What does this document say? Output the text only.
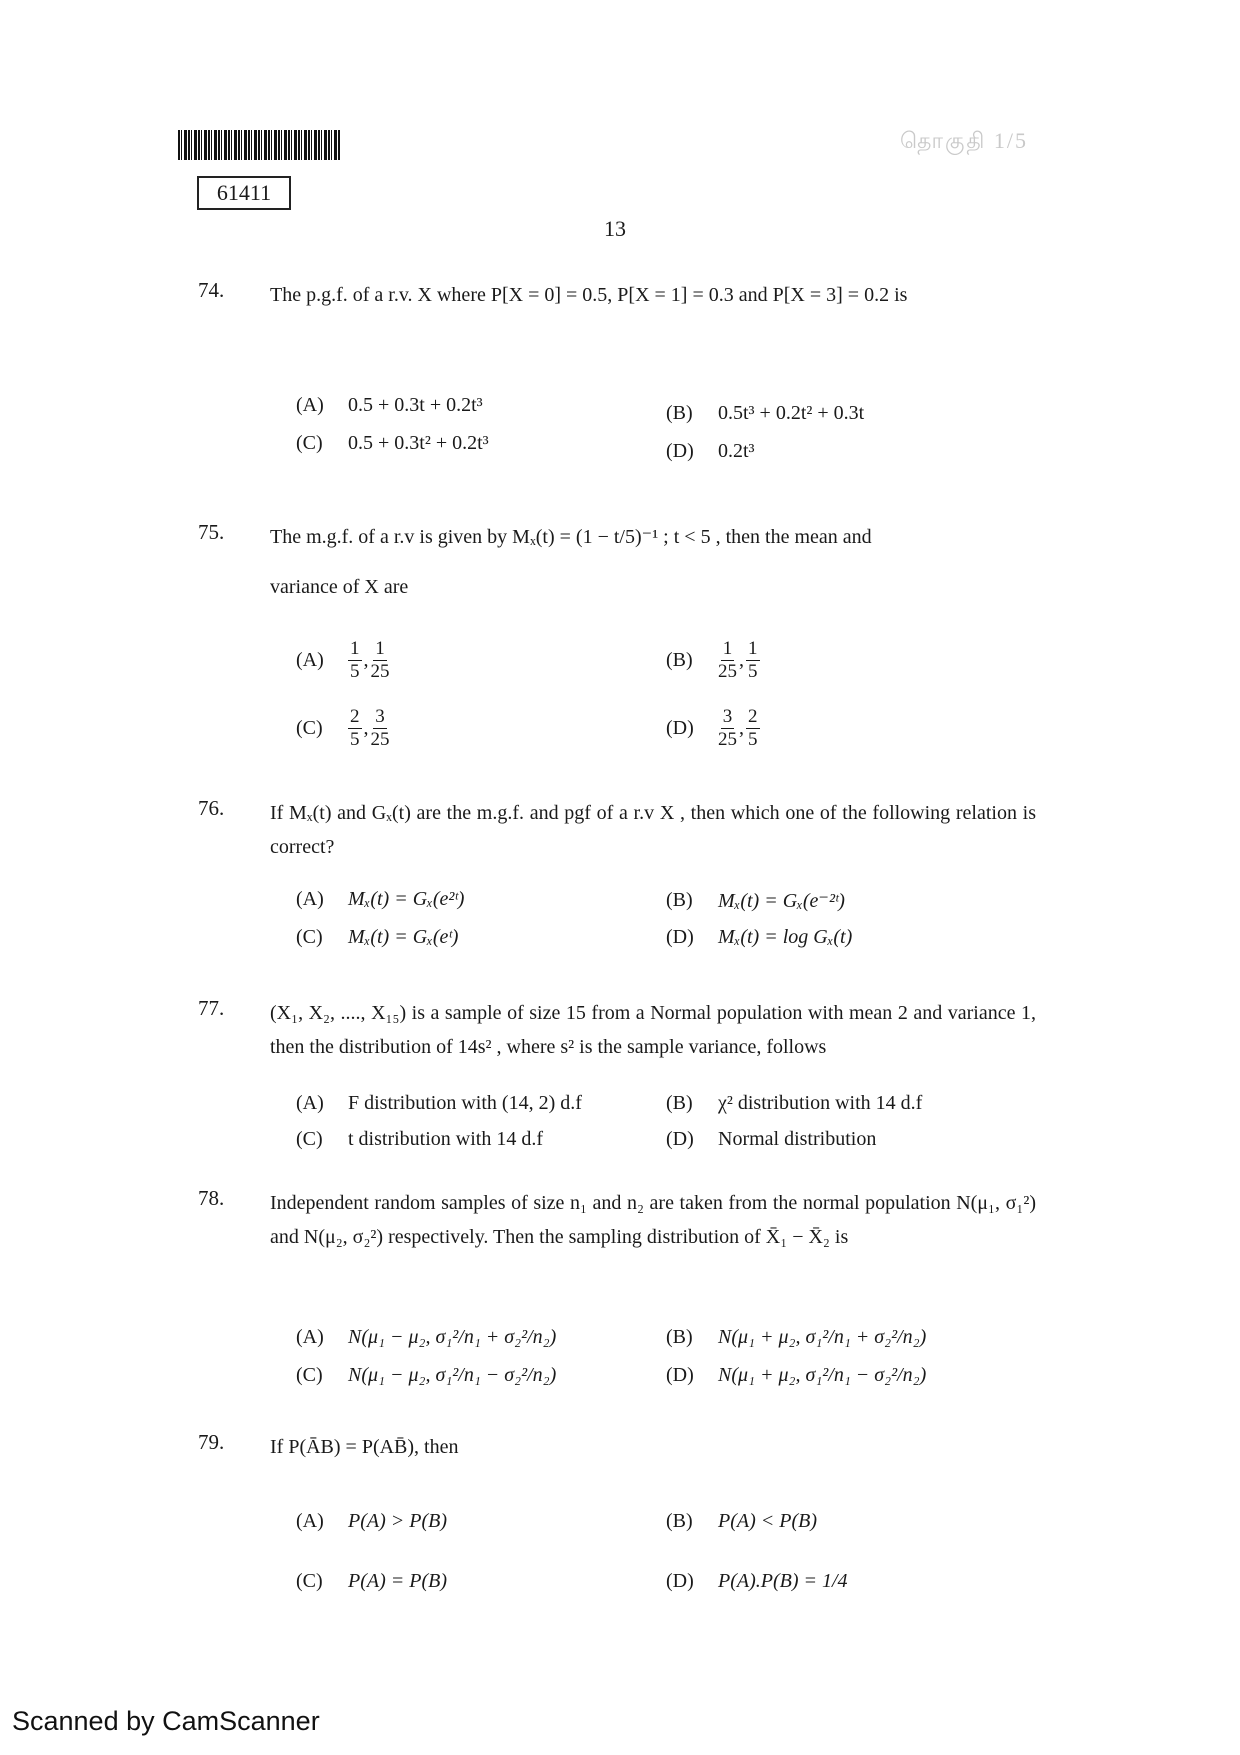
61411
தொகுதி 1/5
13
74. The p.g.f. of a r.v. X where P[X = 0] = 0.5, P[X = 1] = 0.3 and P[X = 3] = 0.2 is
(A)	0.5 + 0.3t + 0.2t³	(B)	0.5t³ + 0.2t² + 0.3t
(C)	0.5 + 0.3t² + 0.2t³	(D)	0.2t³
75. The m.g.f. of a r.v is given by Mₓ(t) = (1 − t/5)⁻¹ ; t < 5 , then the mean and
variance of X are
(A)	$\frac{1}{5}$ , $\frac{1}{25}$	(B)	$\frac{1}{25}$ , $\frac{1}{5}$
(C)	$\frac{2}{5}$ , $\frac{3}{25}$	(D)	$\frac{3}{25}$ , $\frac{2}{5}$
76. If Mₓ(t) and Gₓ(t) are the m.g.f. and pgf of a r.v X , then which one of the following relation is correct?
(A)	Mₓ(t) = Gₓ(e²ᵗ)	(B)	Mₓ(t) = Gₓ(e⁻²ᵗ)
(C)	Mₓ(t) = Gₓ(eᵗ)	(D)	Mₓ(t) = log Gₓ(t)
77. (X₁, X₂, ...., X₁₅) is a sample of size 15 from a Normal population with mean 2 and variance 1, then the distribution of 14s² , where s² is the sample variance, follows
(A)	F distribution with (14, 2) d.f	(B)	χ² distribution with 14 d.f
(C)	t distribution with 14 d.f	(D)	Normal distribution
78. Independent random samples of size n₁ and n₂ are taken from the normal population N(μ₁, σ₁²) and N(μ₂, σ₂²) respectively. Then the sampling distribution of X̄₁ − X̄₂ is
(A)	N(μ₁ − μ₂, σ₁²/n₁ + σ₂²/n₂)	(B)	N(μ₁ + μ₂, σ₁²/n₁ + σ₂²/n₂)
(C)	N(μ₁ − μ₂, σ₁²/n₁ − σ₂²/n₂)	(D)	N(μ₁ + μ₂, σ₁²/n₁ − σ₂²/n₂)
79. If P(ĀB) = P(AB̄), then
(A)	P(A) > P(B)	(B)	P(A) < P(B)
(C)	P(A) = P(B)	(D)	P(A).P(B) = 1/4
Scanned by CamScanner
